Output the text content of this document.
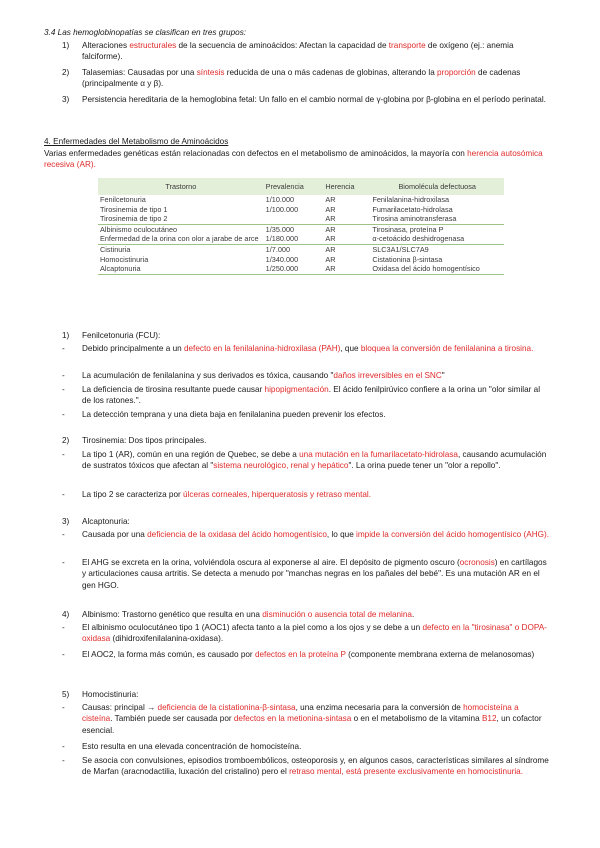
3.4 Las hemoglobinopatías se clasifican en tres grupos:
1) Alteraciones estructurales de la secuencia de aminoácidos: Afectan la capacidad de transporte de oxígeno (ej.: anemia falciforme).
2) Talasemias: Causadas por una síntesis reducida de una o más cadenas de globinas, alterando la proporción de cadenas (principalmente α y β).
3) Persistencia hereditaria de la hemoglobina fetal: Un fallo en el cambio normal de γ-globina por β-globina en el período perinatal.
4. Enfermedades del Metabolismo de Aminoácidos
Varias enfermedades genéticas están relacionadas con defectos en el metabolismo de aminoácidos, la mayoría con herencia autosómica recesiva (AR).
Trastorno	Prevalencia	Herencia	Biomolécula defectuosa
Fenilcetonuria	1/10.000	AR	Fenilalanina-hidroxilasa
Tirosinemia de tipo 1	1/100.000	AR	Fumarilacetato-hidrolasa
Tirosinemia de tipo 2		AR	Tirosina aminotransferasa
Albinismo oculocutáneo	1/35.000	AR	Tirosinasa, proteína P
Enfermedad de la orina con olor a jarabe de arce	1/180.000	AR	α-cetoácido deshidrogenasa
Cistinuria	1/7.000	AR	SLC3A1/SLC7A9
Homocistinuria	1/340.000	AR	Cistationina β-sintasa
Alcaptonuria	1/250.000	AR	Oxidasa del ácido homogentísico
1) Fenilcetonuria (FCU):
- Debido principalmente a un defecto en la fenilalanina-hidroxilasa (PAH), que bloquea la conversión de fenilalanina a tirosina.
- La acumulación de fenilalanina y sus derivados es tóxica, causando "daños irreversibles en el SNC"
- La deficiencia de tirosina resultante puede causar hipopigmentación. El ácido fenilpirúvico confiere a la orina un "olor similar al de los ratones.".
- La detección temprana y una dieta baja en fenilalanina pueden prevenir los efectos.
2) Tirosinemia: Dos tipos principales.
- La tipo 1 (AR), común en una región de Quebec, se debe a una mutación en la fumarilacetato-hidrolasa, causando acumulación de sustratos tóxicos que afectan al "sistema neurológico, renal y hepático". La orina puede tener un "olor a repollo".
- La tipo 2 se caracteriza por úlceras corneales, hiperqueratosis y retraso mental.
3) Alcaptonuria:
- Causada por una deficiencia de la oxidasa del ácido homogentísico, lo que impide la conversión del ácido homogentísico (AHG).
- El AHG se excreta en la orina, volviéndola oscura al exponerse al aire. El depósito de pigmento oscuro (ocronosis) en cartílagos y articulaciones causa artritis. Se detecta a menudo por "manchas negras en los pañales del bebé". Es una mutación AR en el gen HGO.
4) Albinismo: Trastorno genético que resulta en una disminución o ausencia total de melanina.
- El albinismo oculocutáneo tipo 1 (AOC1) afecta tanto a la piel como a los ojos y se debe a un defecto en la "tirosinasa" o DOPA-oxidasa (dihidroxifenilalanina-oxidasa).
- El AOC2, la forma más común, es causado por defectos en la proteína P (componente membrana externa de melanosomas)
5) Homocistinuria:
- Causas: principal → deficiencia de la cistationina-β-sintasa, una enzima necesaria para la conversión de homocisteína a cisteína. También puede ser causada por defectos en la metionina-sintasa o en el metabolismo de la vitamina B12, un cofactor esencial.
- Esto resulta en una elevada concentración de homocisteína.
- Se asocia con convulsiones, episodios tromboembólicos, osteoporosis y, en algunos casos, características similares al síndrome de Marfan (aracnodactilia, luxación del cristalino) pero el retraso mental, está presente exclusivamente en homocistinuria.
